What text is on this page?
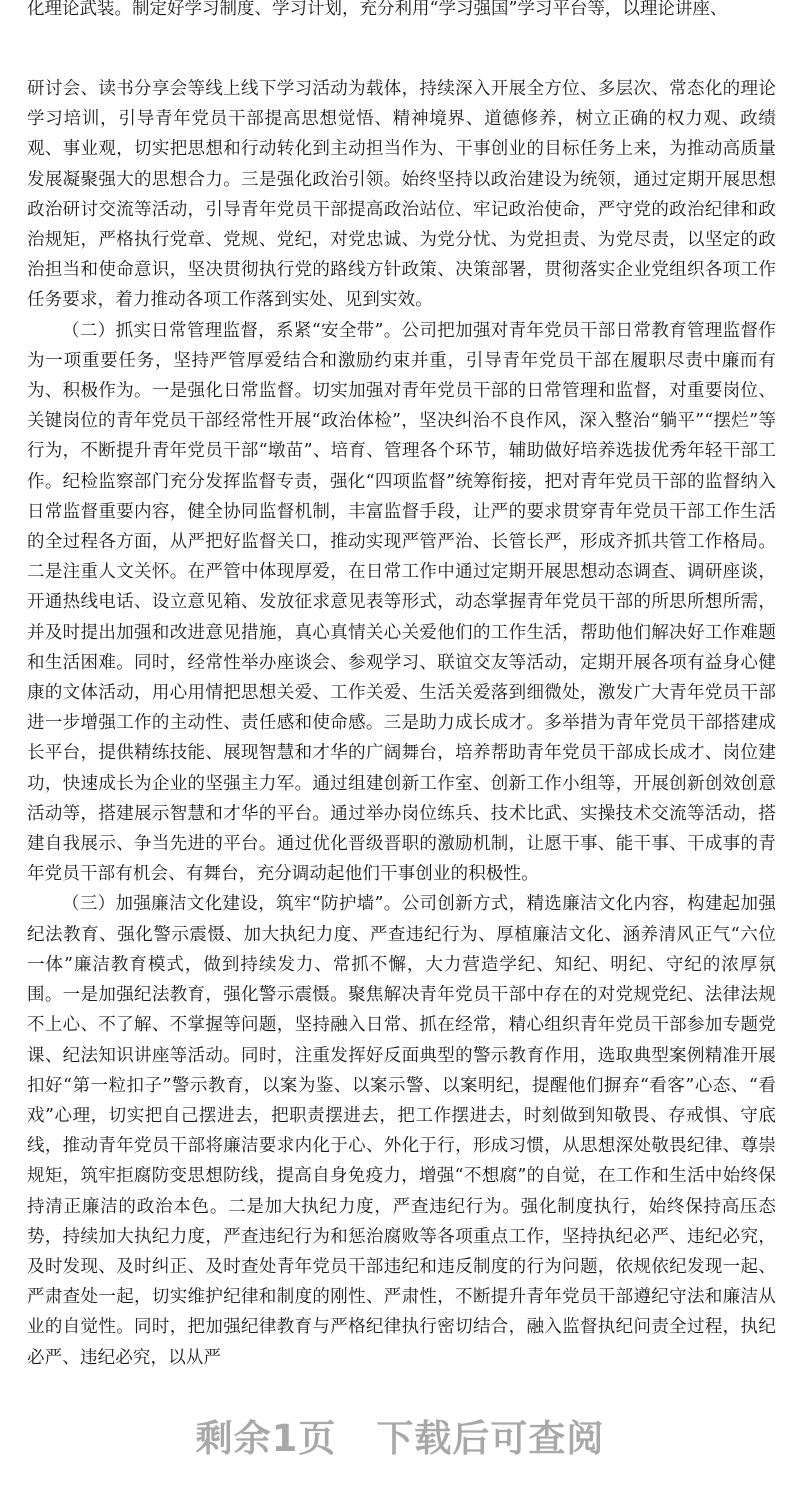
化理论武装。制定好学习制度、学习计划，充分利用“学习强国”学习平台等，以理论讲座、

研讨会、读书分享会等线上线下学习活动为载体，持续深入开展全方位、多层次、常态化的理论学习培训，引导青年党员干部提高思想觉悟、精神境界、道德修养，树立正确的权力观、政绩观、事业观，切实把思想和行动转化到主动担当作为、干事创业的目标任务上来，为推动高质量发展凝聚强大的思想合力。三是强化政治引领。始终坚持以政治建设为统领，通过定期开展思想政治研讨交流等活动，引导青年党员干部提高政治站位、牢记政治使命，严守党的政治纪律和政治规矩，严格执行党章、党规、党纪，对党忠诚、为党分忧、为党担责、为党尽责，以坚定的政治担当和使命意识，坚决贯彻执行党的路线方针政策、决策部署，贯彻落实企业党组织各项工作任务要求，着力推动各项工作落到实处、见到实效。

（二）抓实日常管理监督，系紧“安全带”。公司把加强对青年党员干部日常教育管理监督作为一项重要任务，坚持严管厚爱结合和激励约束并重，引导青年党员干部在履职尽责中廉而有为、积极作为。一是强化日常监督。切实加强对青年党员干部的日常管理和监督，对重要岗位、关键岗位的青年党员干部经常性开展“政治体检”，坚决纠治不良作风，深入整治“躺平”“摆烂”等行为，不断提升青年党员干部“墩苗”、培育、管理各个环节，辅助做好培养选拔优秀年轻干部工作。纪检监察部门充分发挥监督专责，强化“四项监督”统筹衔接，把对青年党员干部的监督纳入日常监督重要内容，健全协同监督机制，丰富监督手段，让严的要求贯穿青年党员干部工作生活的全过程各方面，从严把好监督关口，推动实现严管严治、长管长严，形成齐抓共管工作格局。二是注重人文关怀。在严管中体现厚爱，在日常工作中通过定期开展思想动态调查、调研座谈，开通热线电话、设立意见箱、发放征求意见表等形式，动态掌握青年党员干部的所思所想所需，并及时提出加强和改进意见措施，真心真情关心关爱他们的工作生活，帮助他们解决好工作难题和生活困难。同时，经常性举办座谈会、参观学习、联谊交友等活动，定期开展各项有益身心健康的文体活动，用心用情把思想关爱、工作关爱、生活关爱落到细微处，激发广大青年党员干部进一步增强工作的主动性、责任感和使命感。三是助力成长成才。多举措为青年党员干部搭建成长平台，提供精练技能、展现智慧和才华的广阔舞台，培养帮助青年党员干部成长成才、岗位建功，快速成长为企业的坚强主力军。通过组建创新工作室、创新工作小组等，开展创新创效创意活动等，搭建展示智慧和才华的平台。通过举办岗位练兵、技术比武、实操技术交流等活动，搭建自我展示、争当先进的平台。通过优化晋级晋职的激励机制，让愿干事、能干事、干成事的青年党员干部有机会、有舞台，充分调动起他们干事创业的积极性。

（三）加强廉洁文化建设，筑牢“防护墙”。公司创新方式，精选廉洁文化内容，构建起加强纪法教育、强化警示震慑、加大执纪力度、严查违纪行为、厚植廉洁文化、涵养清风正气“六位一体”廉洁教育模式，做到持续发力、常抓不懈，大力营造学纪、知纪、明纪、守纪的浓厚氛围。一是加强纪法教育，强化警示震慑。聚焦解决青年党员干部中存在的对党规党纪、法律法规不上心、不了解、不掌握等问题，坚持融入日常、抓在经常，精心组织青年党员干部参加专题党课、纪法知识讲座等活动。同时，注重发挥好反面典型的警示教育作用，选取典型案例精准开展扣好“第一粒扣子”警示教育，以案为鉴、以案示警、以案明纪，提醒他们摒弃“看客”心态、“看戏”心理，切实把自己摆进去，把职责摆进去，把工作摆进去，时刻做到知敬畏、存戒惧、守底线，推动青年党员干部将廉洁要求内化于心、外化于行，形成习惯，从思想深处敬畏纪律、尊崇规矩，筑牢拒腐防变思想防线，提高自身免疫力，增强“不想腐”的自觉，在工作和生活中始终保持清正廉洁的政治本色。二是加大执纪力度，严查违纪行为。强化制度执行，始终保持高压态势，持续加大执纪力度，严查违纪行为和惩治腐败等各项重点工作，坚持执纪必严、违纪必究，及时发现、及时纠正、及时查处青年党员干部违纪和违反制度的行为问题，依规依纪发现一起、严肃查处一起，切实维护纪律和制度的刚性、严肃性，不断提升青年党员干部遵纪守法和廉洁从业的自觉性。同时，把加强纪律教育与严格纪律执行密切结合，融入监督执纪问责全过程，执纪必严、违纪必究，以从严

剩余1页 下载后可查阅
